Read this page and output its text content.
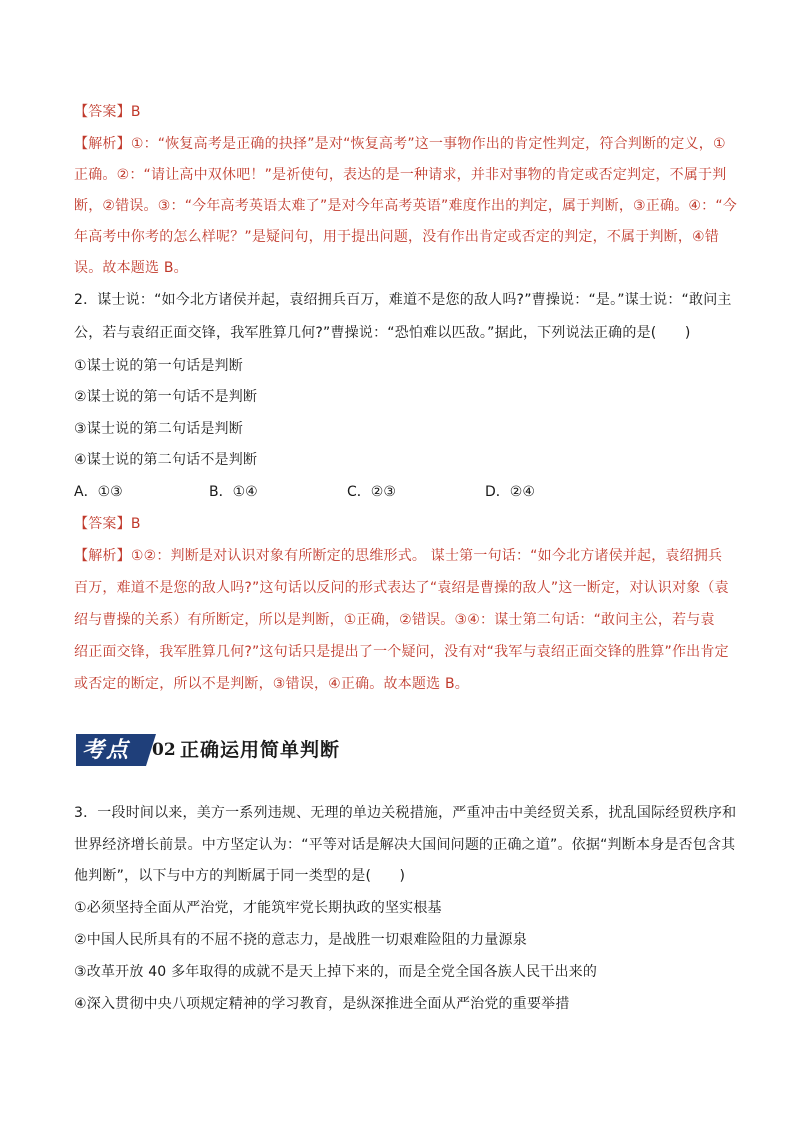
【答案】B
【解析】①：“恢复高考是正确的抉择”是对“恢复高考”这一事物作出的肯定性判定，符合判断的定义，①
正确。②：“请让高中双休吧！”是祈使句，表达的是一种请求，并非对事物的肯定或否定判定，不属于判
断，②错误。③：“今年高考英语太难了”是对今年高考英语”难度作出的判定，属于判断，③正确。④：“今
年高考中你考的怎么样呢？”是疑问句，用于提出问题，没有作出肯定或否定的判定，不属于判断，④错
误。故本题选 B。
2．谋士说：“如今北方诸侯并起，袁绍拥兵百万，难道不是您的敌人吗?”曹操说：“是。”谋士说：“敢问主
公，若与袁绍正面交锋，我军胜算几何?”曹操说：“恐怕难以匹敌。”据此，下列说法正确的是(　　)
①谋士说的第一句话是判断
②谋士说的第一句话不是判断
③谋士说的第二句话是判断
④谋士说的第二句话不是判断
A．①③	B．①④	C．②③	D．②④
【答案】B
【解析】①②：判断是对认识对象有所断定的思维形式。 谋士第一句话：“如今北方诸侯并起，袁绍拥兵
百万，难道不是您的敌人吗?”这句话以反问的形式表达了“袁绍是曹操的敌人”这一断定，对认识对象（袁
绍与曹操的关系）有所断定，所以是判断，①正确，②错误。③④：谋士第二句话：“敢问主公，若与袁
绍正面交锋，我军胜算几何?”这句话只是提出了一个疑问，没有对“我军与袁绍正面交锋的胜算”作出肯定
或否定的断定，所以不是判断，③错误，④正确。故本题选 B。
考点 02 正确运用简单判断
3．一段时间以来，美方一系列违规、无理的单边关税措施，严重冲击中美经贸关系，扰乱国际经贸秩序和
世界经济增长前景。中方坚定认为：“平等对话是解决大国间问题的正确之道”。依据“判断本身是否包含其
他判断”，以下与中方的判断属于同一类型的是(　　)
①必须坚持全面从严治党，才能筑牢党长期执政的坚实根基
②中国人民所具有的不屈不挠的意志力，是战胜一切艰难险阻的力量源泉
③改革开放 40 多年取得的成就不是天上掉下来的，而是全党全国各族人民干出来的
④深入贯彻中央八项规定精神的学习教育，是纵深推进全面从严治党的重要举措
